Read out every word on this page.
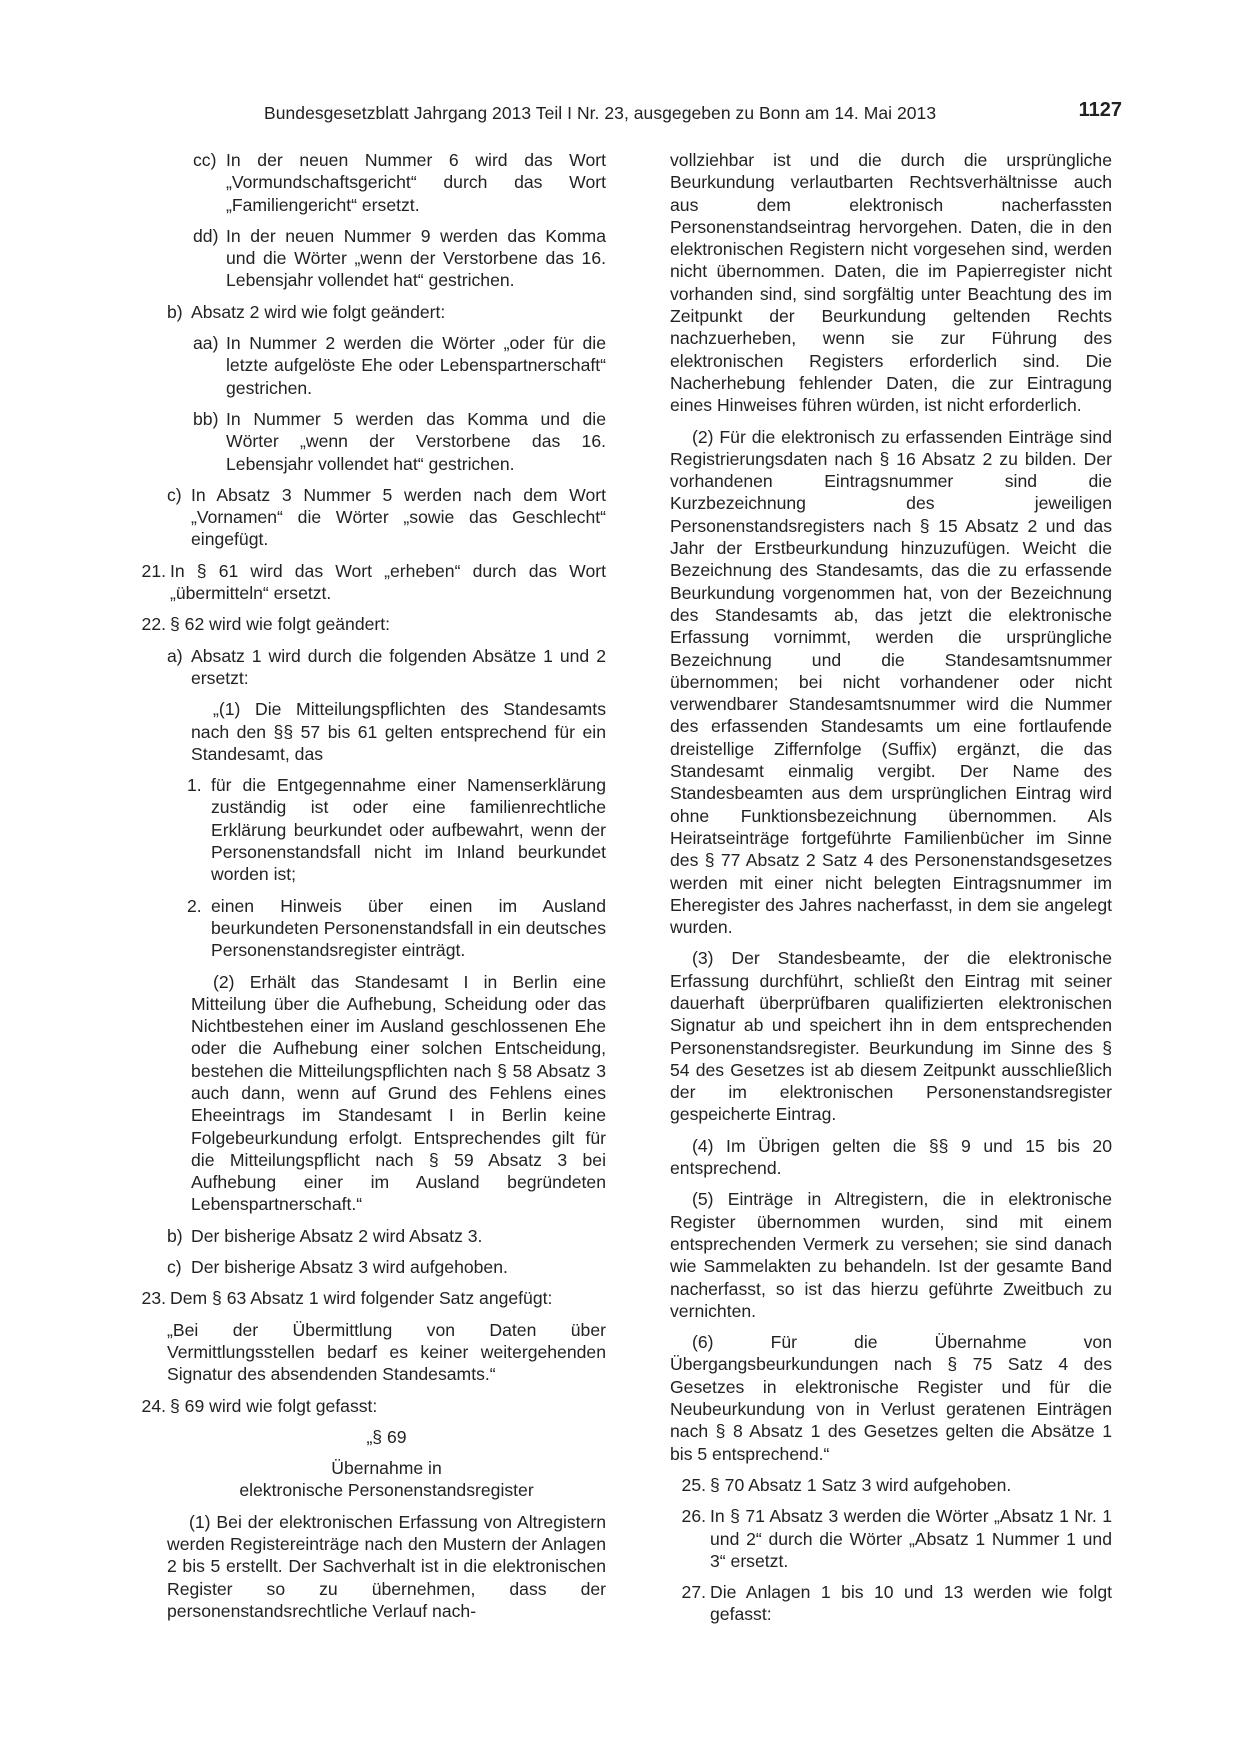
Bundesgesetzblatt Jahrgang 2013 Teil I Nr. 23, ausgegeben zu Bonn am 14. Mai 2013	1127
cc) In der neuen Nummer 6 wird das Wort „Vormundschaftsgericht“ durch das Wort „Familiengericht“ ersetzt.
dd) In der neuen Nummer 9 werden das Komma und die Wörter „wenn der Verstorbene das 16. Lebensjahr vollendet hat“ gestrichen.
b) Absatz 2 wird wie folgt geändert:
aa) In Nummer 2 werden die Wörter „oder für die letzte aufgelöste Ehe oder Lebenspartnerschaft“ gestrichen.
bb) In Nummer 5 werden das Komma und die Wörter „wenn der Verstorbene das 16. Lebensjahr vollendet hat“ gestrichen.
c) In Absatz 3 Nummer 5 werden nach dem Wort „Vornamen“ die Wörter „sowie das Geschlecht“ eingefügt.
21. In § 61 wird das Wort „erheben“ durch das Wort „übermitteln“ ersetzt.
22. § 62 wird wie folgt geändert:
a) Absatz 1 wird durch die folgenden Absätze 1 und 2 ersetzt:

„(1) Die Mitteilungspflichten des Standesamts nach den §§ 57 bis 61 gelten entsprechend für ein Standesamt, das

1. für die Entgegennahme einer Namenserklärung zuständig ist oder eine familienrechtliche Erklärung beurkundet oder aufbewahrt, wenn der Personenstandsfall nicht im Inland beurkundet worden ist;
2. einen Hinweis über einen im Ausland beurkundeten Personenstandsfall in ein deutsches Personenstandsregister einträgt.

(2) Erhält das Standesamt I in Berlin eine Mitteilung über die Aufhebung, Scheidung oder das Nichtbestehen einer im Ausland geschlossenen Ehe oder die Aufhebung einer solchen Entscheidung, bestehen die Mitteilungspflichten nach § 58 Absatz 3 auch dann, wenn auf Grund des Fehlens eines Eheeintrags im Standesamt I in Berlin keine Folgebeurkundung erfolgt. Entsprechendes gilt für die Mitteilungspflicht nach § 59 Absatz 3 bei Aufhebung einer im Ausland begründeten Lebenspartnerschaft.“

b) Der bisherige Absatz 2 wird Absatz 3.
c) Der bisherige Absatz 3 wird aufgehoben.
23. Dem § 63 Absatz 1 wird folgender Satz angefügt:

„Bei der Übermittlung von Daten über Vermittlungsstellen bedarf es keiner weitergehenden Signatur des absendenden Standesamts.“

24. § 69 wird wie folgt gefasst:

„§ 69

Übernahme in

elektronische Personenstandsregister

(1) Bei der elektronischen Erfassung von Altregistern werden Registereinträge nach den Mustern der Anlagen 2 bis 5 erstellt. Der Sachverhalt ist in die elektronischen Register so zu übernehmen, dass der personenstandsrechtliche Verlauf nach-

vollziehbar ist und die durch die ursprüngliche Beurkundung verlautbarten Rechtsverhältnisse auch aus dem elektronisch nacherfassten Personenstandseintrag hervorgehen. Daten, die in den elektronischen Registern nicht vorgesehen sind, werden nicht übernommen. Daten, die im Papierregister nicht vorhanden sind, sind sorgfältig unter Beachtung des im Zeitpunkt der Beurkundung geltenden Rechts nachzuerheben, wenn sie zur Führung des elektronischen Registers erforderlich sind. Die Nacherhebung fehlender Daten, die zur Eintragung eines Hinweises führen würden, ist nicht erforderlich.

(2) Für die elektronisch zu erfassenden Einträge sind Registrierungsdaten nach § 16 Absatz 2 zu bilden. Der vorhandenen Eintragsnummer sind die Kurzbezeichnung des jeweiligen Personenstandsregisters nach § 15 Absatz 2 und das Jahr der Erstbeurkundung hinzuzufügen. Weicht die Bezeichnung des Standesamts, das die zu erfassende Beurkundung vorgenommen hat, von der Bezeichnung des Standesamts ab, das jetzt die elektronische Erfassung vornimmt, werden die ursprüngliche Bezeichnung und die Standesamtsnummer übernommen; bei nicht vorhandener oder nicht verwendbarer Standesamtsnummer wird die Nummer des erfassenden Standesamts um eine fortlaufende dreistellige Ziffernfolge (Suffix) ergänzt, die das Standesamt einmalig vergibt. Der Name des Standesbeamten aus dem ursprünglichen Eintrag wird ohne Funktionsbezeichnung übernommen. Als Heiratseinträge fortgeführte Familienbücher im Sinne des § 77 Absatz 2 Satz 4 des Personenstandsgesetzes werden mit einer nicht belegten Eintragsnummer im Eheregister des Jahres nacherfasst, in dem sie angelegt wurden.

(3) Der Standesbeamte, der die elektronische Erfassung durchführt, schließt den Eintrag mit seiner dauerhaft überprüfbaren qualifizierten elektronischen Signatur ab und speichert ihn in dem entsprechenden Personenstandsregister. Beurkundung im Sinne des § 54 des Gesetzes ist ab diesem Zeitpunkt ausschließlich der im elektronischen Personenstandsregister gespeicherte Eintrag.

(4) Im Übrigen gelten die §§ 9 und 15 bis 20 entsprechend.

(5) Einträge in Altregistern, die in elektronische Register übernommen wurden, sind mit einem entsprechenden Vermerk zu versehen; sie sind danach wie Sammelakten zu behandeln. Ist der gesamte Band nacherfasst, so ist das hierzu geführte Zweitbuch zu vernichten.

(6) Für die Übernahme von Übergangsbeurkundungen nach § 75 Satz 4 des Gesetzes in elektronische Register und für die Neubeurkundung von in Verlust geratenen Einträgen nach § 8 Absatz 1 des Gesetzes gelten die Absätze 1 bis 5 entsprechend.“

25. § 70 Absatz 1 Satz 3 wird aufgehoben.
26. In § 71 Absatz 3 werden die Wörter „Absatz 1 Nr. 1 und 2“ durch die Wörter „Absatz 1 Nummer 1 und 3“ ersetzt.
27. Die Anlagen 1 bis 10 und 13 werden wie folgt gefasst:
